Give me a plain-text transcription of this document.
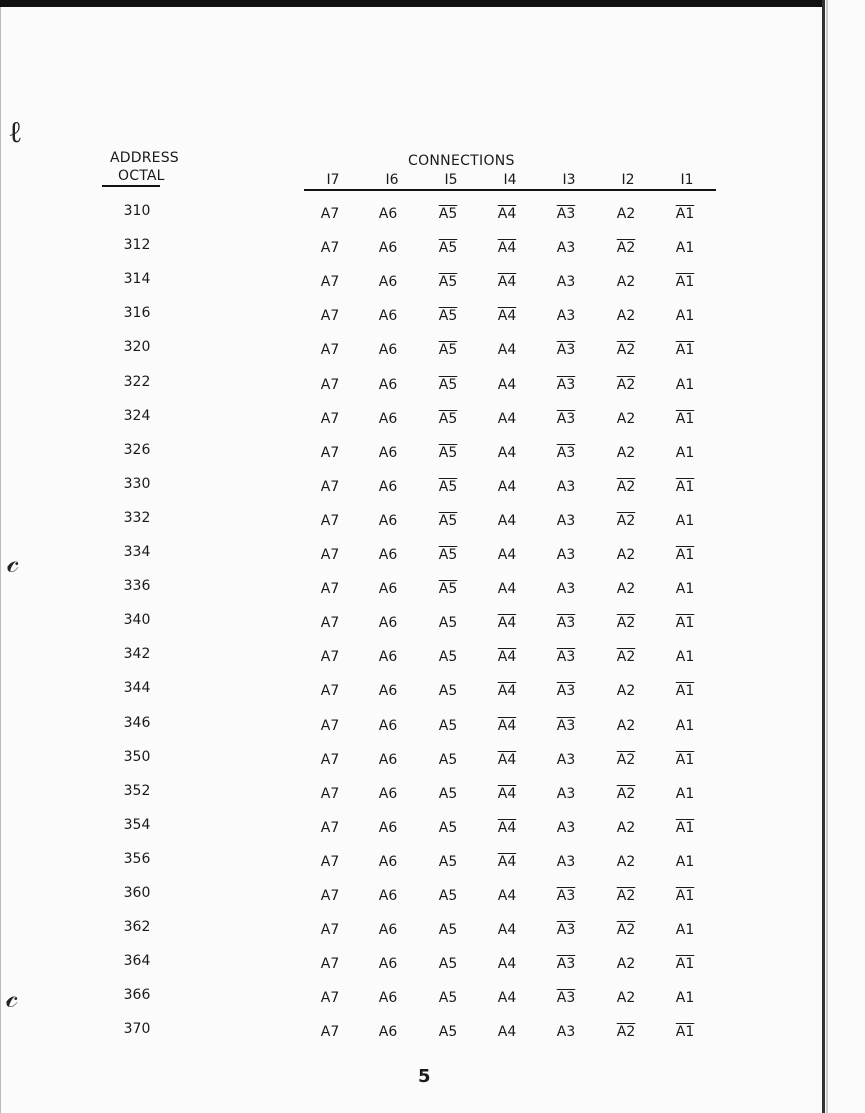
ℓ
𝒸
𝒸
ADDRESS
OCTAL
CONNECTIONS
I7	I6	I5	I4	I3	I2	I1
310	A7	A6	A5	A4	A3	A2	A1
312	A7	A6	A5	A4	A3	A2	A1
314	A7	A6	A5	A4	A3	A2	A1
316	A7	A6	A5	A4	A3	A2	A1
320	A7	A6	A5	A4	A3	A2	A1
322	A7	A6	A5	A4	A3	A2	A1
324	A7	A6	A5	A4	A3	A2	A1
326	A7	A6	A5	A4	A3	A2	A1
330	A7	A6	A5	A4	A3	A2	A1
332	A7	A6	A5	A4	A3	A2	A1
334	A7	A6	A5	A4	A3	A2	A1
336	A7	A6	A5	A4	A3	A2	A1
340	A7	A6	A5	A4	A3	A2	A1
342	A7	A6	A5	A4	A3	A2	A1
344	A7	A6	A5	A4	A3	A2	A1
346	A7	A6	A5	A4	A3	A2	A1
350	A7	A6	A5	A4	A3	A2	A1
352	A7	A6	A5	A4	A3	A2	A1
354	A7	A6	A5	A4	A3	A2	A1
356	A7	A6	A5	A4	A3	A2	A1
360	A7	A6	A5	A4	A3	A2	A1
362	A7	A6	A5	A4	A3	A2	A1
364	A7	A6	A5	A4	A3	A2	A1
366	A7	A6	A5	A4	A3	A2	A1
370	A7	A6	A5	A4	A3	A2	A1
5
